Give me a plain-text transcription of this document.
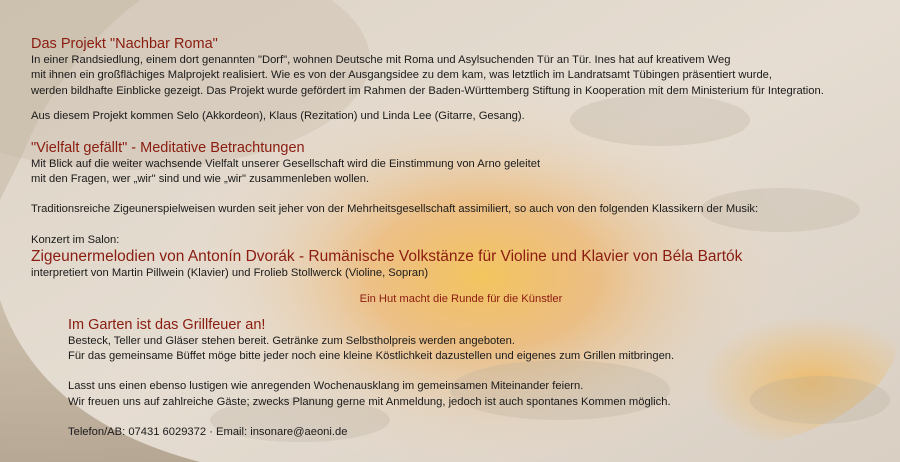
Das Projekt "Nachbar Roma"

In einer Randsiedlung, einem dort genannten "Dorf", wohnen Deutsche mit Roma und Asylsuchenden Tür an Tür. Ines hat auf kreativem Weg

mit ihnen ein großflächiges Malprojekt realisiert. Wie es von der Ausgangsidee zu dem kam, was letztlich im Landratsamt Tübingen präsentiert wurde,

werden bildhafte Einblicke gezeigt. Das Projekt wurde gefördert im Rahmen der Baden-Württemberg Stiftung in Kooperation mit dem Ministerium für Integration.

Aus diesem Projekt kommen Selo (Akkordeon), Klaus (Rezitation) und Linda Lee (Gitarre, Gesang).

"Vielfalt gefällt" - Meditative Betrachtungen

Mit Blick auf die weiter wachsende Vielfalt unserer Gesellschaft wird die Einstimmung von Arno geleitet

mit den Fragen, wer „wir" sind und wie „wir" zusammenleben wollen.

Traditionsreiche Zigeunerspielweisen wurden seit jeher von der Mehrheitsgesellschaft assimiliert, so auch von den folgenden Klassikern der Musik:

Konzert im Salon:

Zigeunermelodien von Antonín Dvorák - Rumänische Volkstänze für Violine und Klavier von Béla Bartók

interpretiert von Martin Pillwein (Klavier) und Frolieb Stollwerck (Violine, Sopran)

Ein Hut macht die Runde für die Künstler

Im Garten ist das Grillfeuer an!

Besteck, Teller und Gläser stehen bereit. Getränke zum Selbstholpreis werden angeboten.

Für das gemeinsame Büffet möge bitte jeder noch eine kleine Köstlichkeit dazustellen und eigenes zum Grillen mitbringen.

Lasst uns einen ebenso lustigen wie anregenden Wochenausklang im gemeinsamen Miteinander feiern.

Wir freuen uns auf zahlreiche Gäste; zwecks Planung gerne mit Anmeldung, jedoch ist auch spontanes Kommen möglich.

Telefon/AB: 07431 6029372 · Email: insonare@aeoni.de
